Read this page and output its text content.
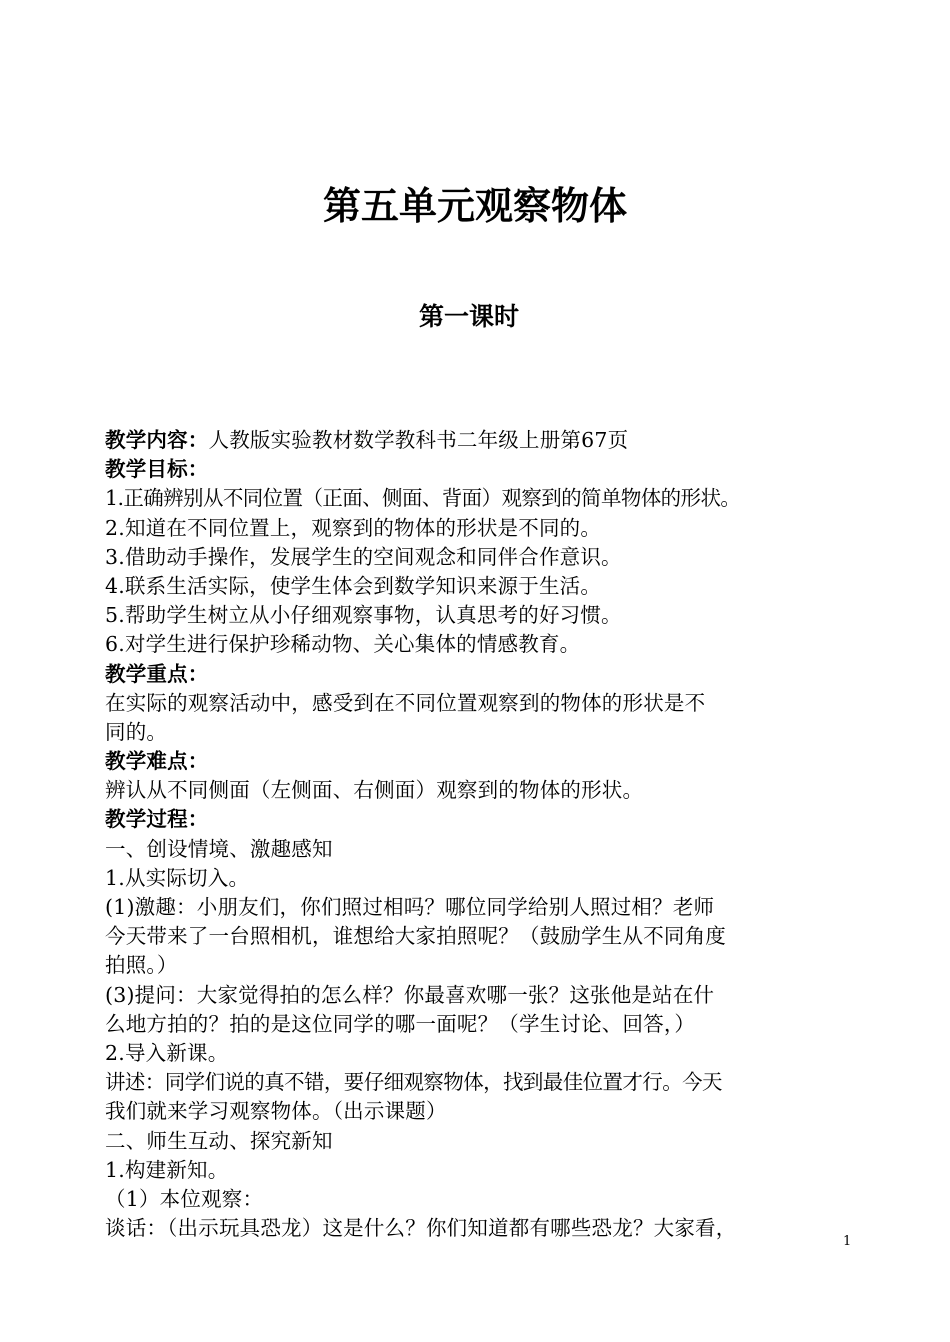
第五单元观察物体
第一课时
教学内容：人教版实验教材数学教科书二年级上册第67页
教学目标：
1.正确辨别从不同位置（正面、侧面、背面）观察到的简单物体的形状。
2.知道在不同位置上，观察到的物体的形状是不同的。
3.借助动手操作，发展学生的空间观念和同伴合作意识。
4.联系生活实际，使学生体会到数学知识来源于生活。
5.帮助学生树立从小仔细观察事物，认真思考的好习惯。
6.对学生进行保护珍稀动物、关心集体的情感教育。
教学重点：
在实际的观察活动中，感受到在不同位置观察到的物体的形状是不
同的。
教学难点：
辨认从不同侧面（左侧面、右侧面）观察到的物体的形状。
教学过程：
一、创设情境、激趣感知
1.从实际切入。
(1)激趣：小朋友们，你们照过相吗？哪位同学给别人照过相？老师
今天带来了一台照相机，谁想给大家拍照呢？（鼓励学生从不同角度
拍照。）
(3)提问：大家觉得拍的怎么样？你最喜欢哪一张？这张他是站在什
么地方拍的？拍的是这位同学的哪一面呢？（学生讨论、回答，）
2.导入新课。
讲述：同学们说的真不错，要仔细观察物体，找到最佳位置才行。今天
我们就来学习观察物体。（出示课题）
二、师生互动、探究新知
1.构建新知。
（1）本位观察：
谈话：（出示玩具恐龙）这是什么？你们知道都有哪些恐龙？大家看，
1
